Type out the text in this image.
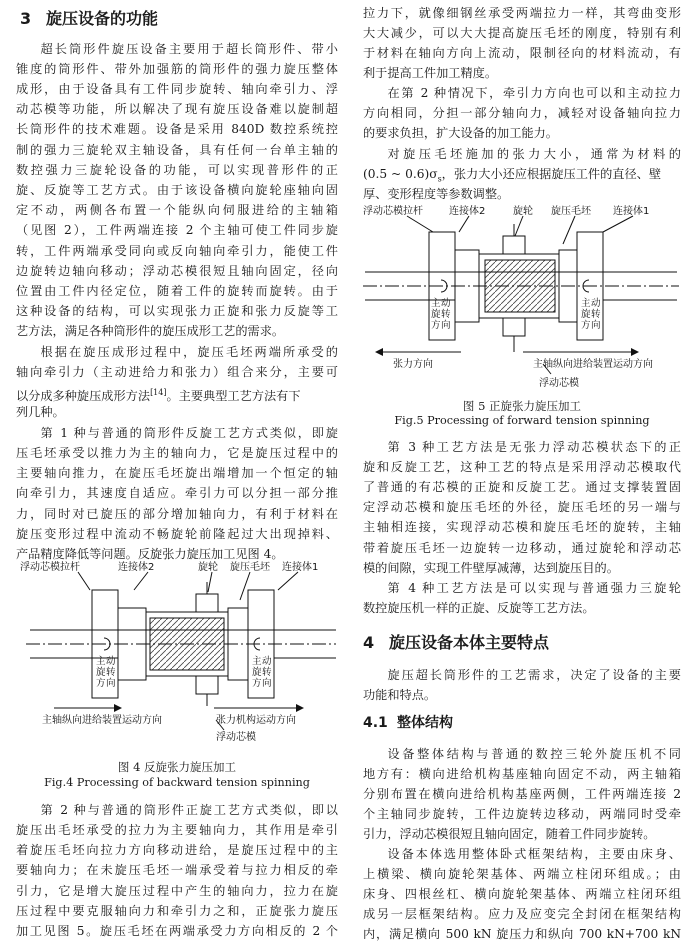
3 旋压设备的功能
超长筒形件旋压设备主要用于超长筒形件、带小
锥度的筒形件、带外加强筋的筒形件的强力旋压整体
成形，由于设备具有工件同步旋转、轴向牵引力、浮
动芯模等功能，所以解决了现有旋压设备难以旋制超
长筒形件的技术难题。设备是采用 840D 数控系统控
制的强力三旋轮双主轴设备，具有任何一台单主轴的
数控强力三旋轮设备的功能，可以实现普形件的正
旋、反旋等工艺方式。由于该设备横向旋轮座轴向固
定不动，两侧各布置一个能纵向伺服进给的主轴箱
（见图 2），工件两端连接 2 个主轴可使工件同步旋
转，工件两端承受同向或反向轴向牵引力，能使工件
边旋转边轴向移动；浮动芯模很短且轴向固定，径向
位置由工件内径定位，随着工件的旋转而旋转。由于
这种设备的结构，可以实现张力正旋和张力反旋等工
艺方法，满足各种筒形件的旋压成形工艺的需求。
根据在旋压成形过程中，旋压毛坯两端所承受的
轴向牵引力（主动进给力和张力）组合来分，主要可
以分成多种旋压成形方法[14]。主要典型工艺方法有下
列几种。
第 1 种与普通的筒形件反旋工艺方式类似，即旋
压毛坯承受以推力为主的轴向力，它是旋压过程中的
主要轴向推力，在旋压毛坯旋出端增加一个恒定的轴
向牵引力，其速度自适应。牵引力可以分担一部分推
力，同时对已旋压的部分增加轴向力，有利于材料在
旋压变形过程中流动不畅旋轮前隆起过大出现掉料、
产品精度降低等问题。反旋张力旋压加工见图 4。
浮动芯模拉杆	连接体2	旋轮 旋压毛坯 连接体1
主动 旋转 方向
主动 旋转 方向
主轴纵向进给装置运动方向	张力机构运动方向
浮动芯模
图 4 反旋张力旋压加工
Fig.4 Processing of backward tension spinning
第 2 种与普通的筒形件正旋工艺方式类似，即以
旋压出毛坯承受的拉力为主要轴向力，其作用是牵引
着旋压毛坯向拉力方向移动进给，是旋压过程中的主
要轴向力；在未旋压毛坯一端承受着与拉力相反的牵
引力，它是增大旋压过程中产生的轴向力，拉力在旋
压过程中要克服轴向力和牵引力之和，正旋张力旋压
加工见图 5。旋压毛坯在两端承受力方向相反的 2 个
拉力下，就像细钢丝承受两端拉力一样，其弯曲变形
大大减少，可以大大提高旋压毛坯的刚度，特别有利
于材料在轴向方向上流动，限制径向的材料流动，有
利于提高工件加工精度。
在第 2 种情况下，牵引力方向也可以和主动拉力
方向相同，分担一部分轴向力，减轻对设备轴向拉力
的要求负担，扩大设备的加工能力。
对旋压毛坯施加的张力大小，通常为材料的
(0.5 ~ $0.6)\sigma_s$，张力大小还应根据旋压工件的直径、壁
厚、变形程度等参数调整。
浮动芯模拉杆	连接体2	旋轮 旋压毛坯 连接体1
主动 旋转 方向
主动 旋转 方向
张力方向	主轴纵向进给装置运动方向
浮动芯模
图 5 正旋张力旋压加工
Fig.5 Processing of forward tension spinning
第 3 种工艺方法是无张力浮动芯模状态下的正
旋和反旋工艺，这种工艺的特点是采用浮动芯模取代
了普通的有芯模的正旋和反旋工艺。通过支撑装置固
定浮动芯模和旋压毛坯的外径，旋压毛坯的另一端与
主轴相连接，实现浮动芯模和旋压毛坯的旋转，主轴
带着旋压毛坯一边旋转一边移动，通过旋轮和浮动芯
模的间隙，实现工件壁厚减薄，达到旋压目的。
第 4 种工艺方法是可以实现与普通强力三旋轮
数控旋压机一样的正旋、反旋等工艺方法。
4 旋压设备本体主要特点
旋压超长筒形件的工艺需求，决定了设备的主要
功能和特点。
4.1 整体结构
设备整体结构与普通的数控三轮外旋压机不同
地方有：横向进给机构基座轴向固定不动，两主轴箱
分别布置在横向进给机构基座两侧，工件两端连接 2
个主轴同步旋转，工件边旋转边移动，两端同时受牵
引力，浮动芯模很短且轴向固定，随着工件同步旋转。
设备本体选用整体卧式框架结构，主要由床身、
上横梁、横向旋轮架基体、两端立柱闭环组成。；由
床身、四根丝杠、横向旋轮架基体、两端立柱闭环组
成另一层框架结构。应力及应变完全封闭在框架结构
内，满足横向 500 kN 旋压力和纵向 700 kN+700 kN
